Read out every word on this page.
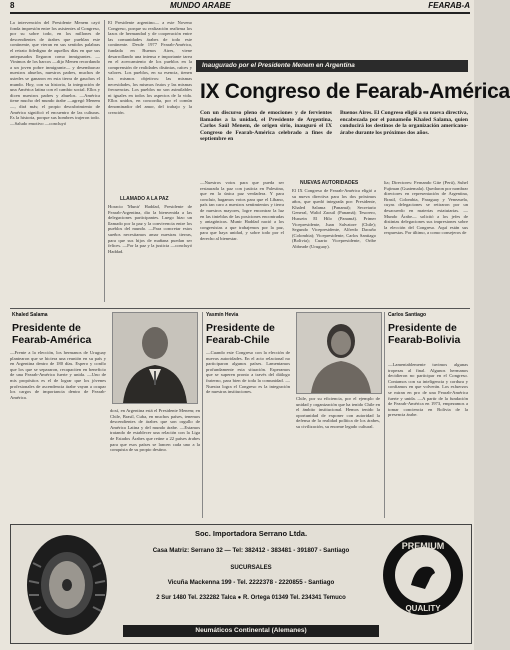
8	MUNDO ARABE	FEARAB-A
La intervención del Presidente Menem cayó fonda impresión entre los asistentes al Congreso, por su sobre todo, en los millones de descendientes de árabes que pueblan este continente, que vieran en sus sentidos palabras el retrato fidedigno de aquellos días en que sus antepasados llegaron como inmigrantes. —Vinimos de los barcos —dijo Menen recordando a un joven pobre inmigrante— y desembarcar nuestros abuelos, nuestros padres, muchos de ustedes se ganaron en esta tierra de gauchos el mundo. Hoy, con su historia, la integración de una América latina con el cambio social. Ellos y dicen nuestros padres y abuelos. —América tiene mucho del mundo árabe —agregó Menem—, dirá más; el propio descubrimiento de América significó el encuentro de las culturas. Es la historia, porque sus hombres trajeron todo. —Saludo emotivo —concluyó
El Presidente argentino— a este Noveno Congreso, porque su realización reafirma los lazos de hermandad y de cooperación entre las comunidades árabes de todo este continente. Desde 1977 Fearab-América, fundada en Buenos Aires, viene desarrollando una intensa e importante tarea en el acercamiento de los pueblos en la comprensión de realidades distintas, raíces y valores. Los pueblos, en su esencia, tienen los mismos objetivos: las mismas necesidades, los mismos frutos y las mismas frecuencias. Los pueblos no son asimilables ni iguales en todos los aspectos de la vida. Ellos unidos, en concordia, por el común denominador del amor, del trabajo y la creación.
LLAMADO A LA PAZ
Horacio 'Munir' Haddad, Presidente de Fearab-Argentina, dio la bienvenida a las delegaciones participantes. Luego hizo un llamado por la paz y la convivencia entre los pueblos del mundo. —Para concretar estos sueños necesitamos amar nuestras tierras, para que sus hijos de mañana puedan ser felices. —Por la paz y la justicia —concluyó Haddad.
Inaugurado por el Presidente Menem en Argentina
IX Congreso de Fearab-América
Con un discurso pleno de emociones y de fervientes llamados a la unidad, el Presidente de Argentina, Carlos Saúl Menem, de origen sirio, inauguró el IX Congreso de Fearab-América celebrado a fines de septiembre en
Buenos Aires. El Congreso eligió a su nueva directiva, encabezada por el panameño Khaled Salama, quien conducirá los destinos de la organización americano-árabe durante los próximos dos años.
—Nuestros votos para que pueda ser restaurada la paz con justicia en Palestina, que en la única paz verdadera. Y para concluir, hagamos votos para que el Líbano, país tan caro a nuestros sentimientos y tierra de nuestros mayores, logre encontrar la luz en las tinieblas de las posiciones encontradas y antagónicas. Munir Haddad nació a los congresistas a que trabajemos por la paz, para que haya unidad, y sobre todo por el derecho al bienestar.
NUEVAS AUTORIDADES
El IX Congreso de Fearab-América eligió a su nueva directiva para los dos próximos años, que quedó integrada por: Presidente, Khaled Salama (Panamá); Secretario General, Walid Zaouil (Panamá); Tesorero, Hussein El Hilo (Panamá). Primer Vicepresidente, Juan Salvatore (Chile); Segundo Vicepresidente, Alfredo Dacuño (Colombia); Vicepresidente, Carlos Santiago (Bolivia); Cuarto Vicepresidente, Oribe Abbeade (Uruguay).
lia; Directores: Fernando Gite (Perú), Suhel Fujiman (Guatemala). Quedaron por nombrar directores en representación de Argentina, Brasil, Colombia, Paraguay y Venezuela, cuyas delegaciones se retiraron por un desacuerdo en materias estatutarias. —Mundo Árabe— solicitó a los jefes de distintas delegaciones sus impresiones sobre la elección del Congreso. Aquí están sus respuestas. Por último, a como consejeros de
Khaled Salama
Presidente de Fearab-América
—Frente a la elección, los hermanos de Uruguay plantearon que se hiciera una reunión en su país y en Argentina dentro de 180 días. Espero y confío que los que se separaron, recapaciten en beneficio de una Fearab-América fuerte y unida. —Uno de mis propósitos es el de lograr que los jóvenes profesionales de ascendencia árabe vayan a ocupar los cargos de importancia dentro de Fearab-América.
doxí, en Argentina está el Presidente Menem; en Chile, Brasil, Cuba, en muchos países, tenemos descendientes de árabes que son orgullo de América Latina y del mundo árabe. —Estamos tratando de establecer una relación con la Liga de Estados Árabes que reúne a 22 países árabes para que esos países se lancen cada uno a la conquista de su propio destino.
Yasmín Hevia
Presidente de Fearab-Chile
—Cuando este Congreso con la elección de nuevas autoridades. En el acto relacional no participaron algunos países. Lamentamos profundamente esta situación. Esperamos que se superen pronto a través del diálogo fraterno, para bien de toda la comunidad. —Nuestra logra el Congreso es la integración de nuestras instituciones.
Chile, por su eficiencia, por el ejemplo de unidad y organización que ha tenido Chile en el ámbito institucional. Hemos tenido la oportunidad de exponer con autoridad la defensa de la realidad política de los árabes, su civilización, su enorme legado cultural.
Carlos Santiago
Presidente de Fearab-Bolivia
—Lamentablemente tuvimos algunas tropezas al final. Algunos hermanos decidieron no participar en el Congreso. Contamos con su inteligencia y cordura y confiamos en que volverán. Los esfuerzos se miran en pro de una Fearab-América fuerte y unida. —A partir de la fundación de Fearab-América en 1973, empezamos a tomar conciencia en Bolivia de la presencia árabe.
Soc. Importadora Serrano Ltda.
Casa Matriz: Serrano 32 — Tel: 382412 - 383481 - 391807 - Santiago
SUCURSALES
Vicuña Mackenna 199 - Tel. 2222378 - 2220855 - Santiago
2 Sur 1480 Tel. 232282 Talca ● R. Ortega 01349 Tel. 234341 Temuco
Neumáticos Continental (Alemanes)
PREMIUM
QUALITY
